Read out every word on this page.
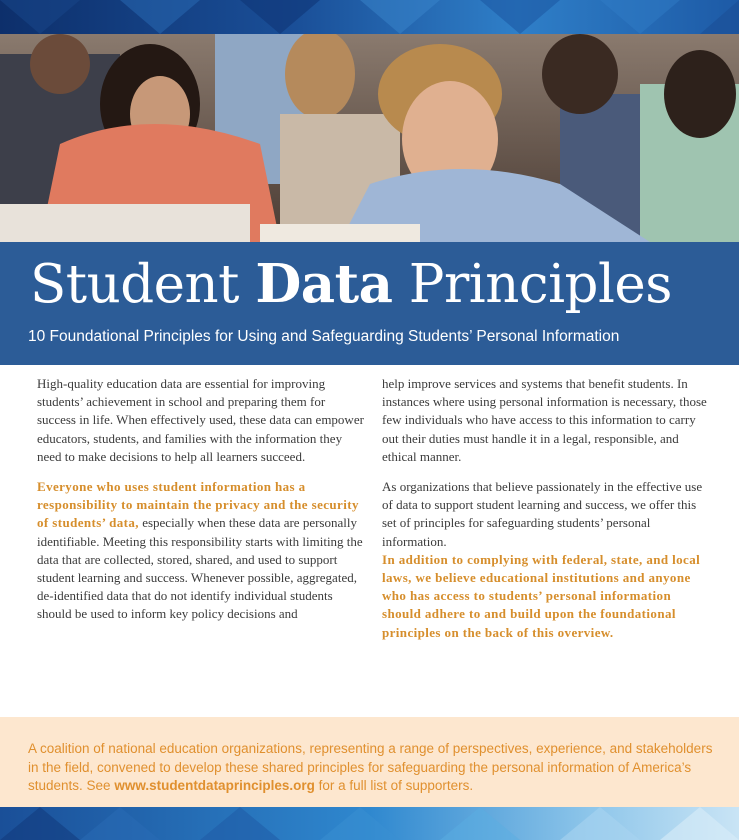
Student Data Principles
10 Foundational Principles for Using and Safeguarding Students’ Personal Information

High-quality education data are essential for improving students’ achievement in school and preparing them for success in life. When effectively used, these data can empower educators, students, and families with the information they need to make decisions to help all learners succeed.

Everyone who uses student information has a responsibility to maintain the privacy and the security of students’ data, especially when these data are personally identifiable. Meeting this responsibility starts with limiting the data that are collected, stored, shared, and used to support student learning and success. Whenever possible, aggregated, de-identified data that do not identify individual students should be used to inform key policy decisions and

help improve services and systems that benefit students. In instances where using personal information is necessary, those few individuals who have access to this information to carry out their duties must handle it in a legal, responsible, and ethical manner.

As organizations that believe passionately in the effective use of data to support student learning and success, we offer this set of principles for safeguarding students’ personal information.
In addition to complying with federal, state, and local laws, we believe educational institutions and anyone who has access to students’ personal information should adhere to and build upon the foundational principles on the back of this overview.

A coalition of national education organizations, representing a range of perspectives, experience, and stakeholders in the field, convened to develop these shared principles for safeguarding the personal information of America’s students. See www.studentdataprinciples.org for a full list of supporters.
